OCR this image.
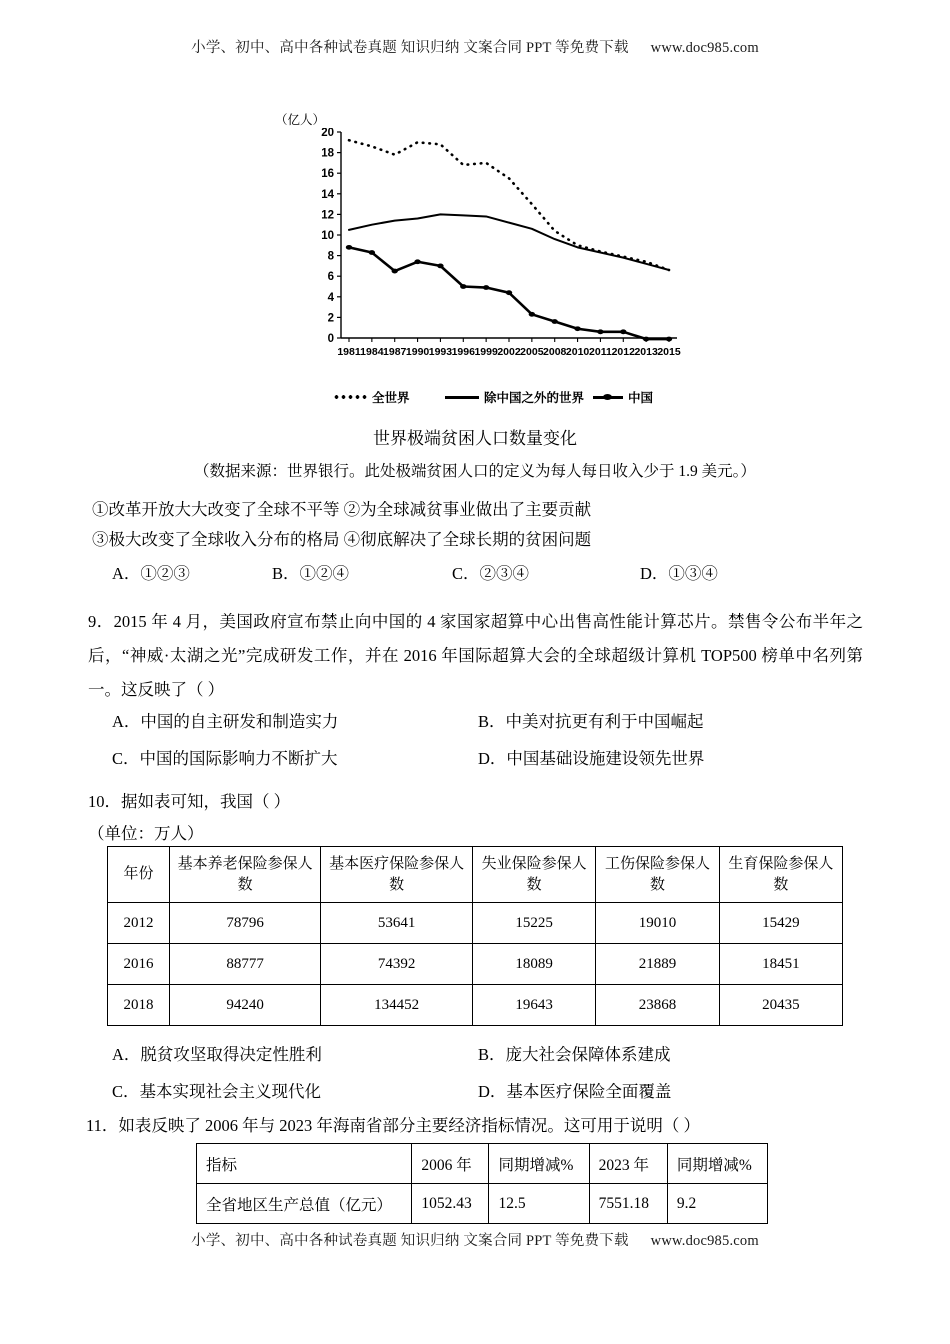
小学、初中、高中各种试卷真题 知识归纳 文案合同 PPT 等免费下载 www.doc985.com
（亿人）
0
2
4
6
8
10
12
14
16
18
20
1981 1984 1987 1990 1993 1996 1999 2002 2005 2008 2010 2011 2012 2013 2015
全世界	除中国之外的世界	中国
世界极端贫困人口数量变化
（数据来源：世界银行。此处极端贫困人口的定义为每人每日收入少于 1.9 美元。）
①改革开放大大改变了全球不平等 ②为全球减贫事业做出了主要贡献
③极大改变了全球收入分布的格局 ④彻底解决了全球长期的贫困问题
A．①②③	B．①②④	C．②③④	D．①③④
9．2015 年 4 月，美国政府宣布禁止向中国的 4 家国家超算中心出售高性能计算芯片。禁售令公布半年之后，“神威·太湖之光”完成研发工作，并在 2016 年国际超算大会的全球超级计算机 TOP500 榜单中名列第一。这反映了（ ）
A．中国的自主研发和制造实力	B．中美对抗更有利于中国崛起
C．中国的国际影响力不断扩大	D．中国基础设施建设领先世界
10．据如表可知，我国（ ）
（单位：万人）
年份	基本养老保险参保人数	基本医疗保险参保人数	失业保险参保人数	工伤保险参保人数	生育保险参保人数
2012	78796	53641	15225	19010	15429
2016	88777	74392	18089	21889	18451
2018	94240	134452	19643	23868	20435
A．脱贫攻坚取得决定性胜利	B．庞大社会保障体系建成
C．基本实现社会主义现代化	D．基本医疗保险全面覆盖
11．如表反映了 2006 年与 2023 年海南省部分主要经济指标情况。这可用于说明（ ）
指标	2006 年	同期增减%	2023 年	同期增减%
全省地区生产总值（亿元）	1052.43	12.5	7551.18	9.2
小学、初中、高中各种试卷真题 知识归纳 文案合同 PPT 等免费下载 www.doc985.com
